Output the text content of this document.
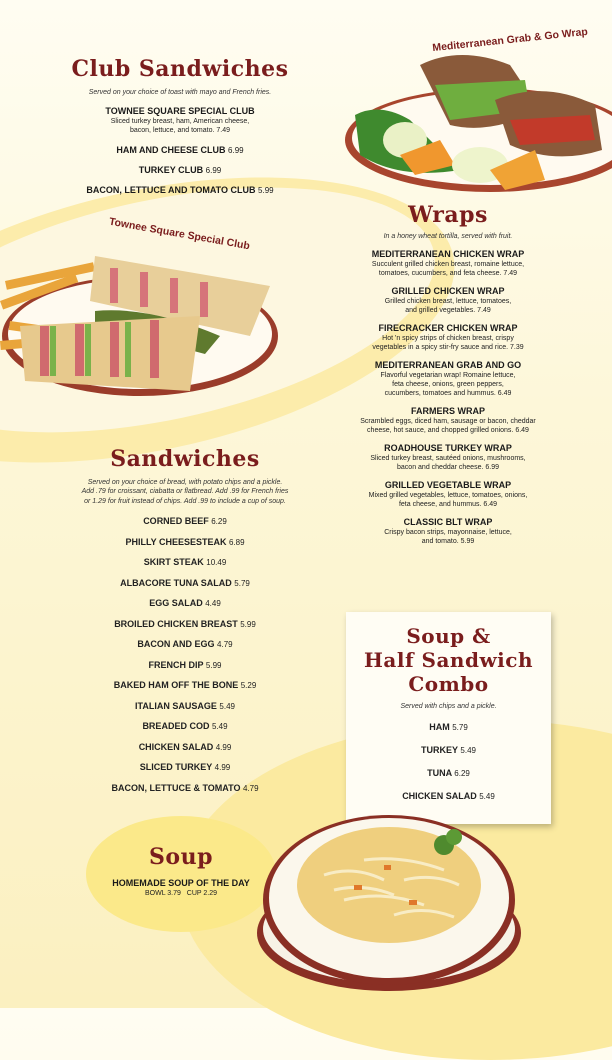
Club Sandwiches
Served on your choice of toast with mayo and French fries.
TOWNEE SQUARE SPECIAL CLUB
Sliced turkey breast, ham, American cheese,
bacon, lettuce, and tomato. 7.49
HAM AND CHEESE CLUB 6.99
TURKEY CLUB 6.99
BACON, LETTUCE AND TOMATO CLUB 5.99
Mediterranean Grab & Go Wrap
Townee Square Special Club
Wraps
In a honey wheat tortilla, served with fruit.
MEDITERRANEAN CHICKEN WRAP
Succulent grilled chicken breast, romaine lettuce,
tomatoes, cucumbers, and feta cheese. 7.49
GRILLED CHICKEN WRAP
Grilled chicken breast, lettuce, tomatoes,
and grilled vegetables. 7.49
FIRECRACKER CHICKEN WRAP
Hot 'n spicy strips of chicken breast, crispy
vegetables in a spicy stir-fry sauce and rice. 7.39
MEDITERRANEAN GRAB AND GO
Flavorful vegetarian wrap! Romaine lettuce,
feta cheese, onions, green peppers,
cucumbers, tomatoes and hummus. 6.49
FARMERS WRAP
Scrambled eggs, diced ham, sausage or bacon, cheddar
cheese, hot sauce, and chopped grilled onions. 6.49
ROADHOUSE TURKEY WRAP
Sliced turkey breast, sautéed onions, mushrooms,
bacon and cheddar cheese. 6.99
GRILLED VEGETABLE WRAP
Mixed grilled vegetables, lettuce, tomatoes, onions,
feta cheese, and hummus. 6.49
CLASSIC BLT WRAP
Crispy bacon strips, mayonnaise, lettuce,
and tomato. 5.99
Sandwiches
Served on your choice of bread, with potato chips and a pickle.
Add .79 for croissant, ciabatta or flatbread. Add .99 for French fries
or 1.29 for fruit instead of chips. Add .99 to include a cup of soup.
CORNED BEEF 6.29
PHILLY CHEESESTEAK 6.89
SKIRT STEAK 10.49
ALBACORE TUNA SALAD 5.79
EGG SALAD 4.49
BROILED CHICKEN BREAST 5.99
BACON AND EGG 4.79
FRENCH DIP 5.99
BAKED HAM OFF THE BONE 5.29
ITALIAN SAUSAGE 5.49
BREADED COD 5.49
CHICKEN SALAD 4.99
SLICED TURKEY 4.99
BACON, LETTUCE & TOMATO 4.79
Soup &
Half Sandwich
Combo
Served with chips and a pickle.
HAM 5.79
TURKEY 5.49
TUNA 6.29
CHICKEN SALAD 5.49
Soup
HOMEMADE SOUP OF THE DAY
BOWL 3.79 CUP 2.29
